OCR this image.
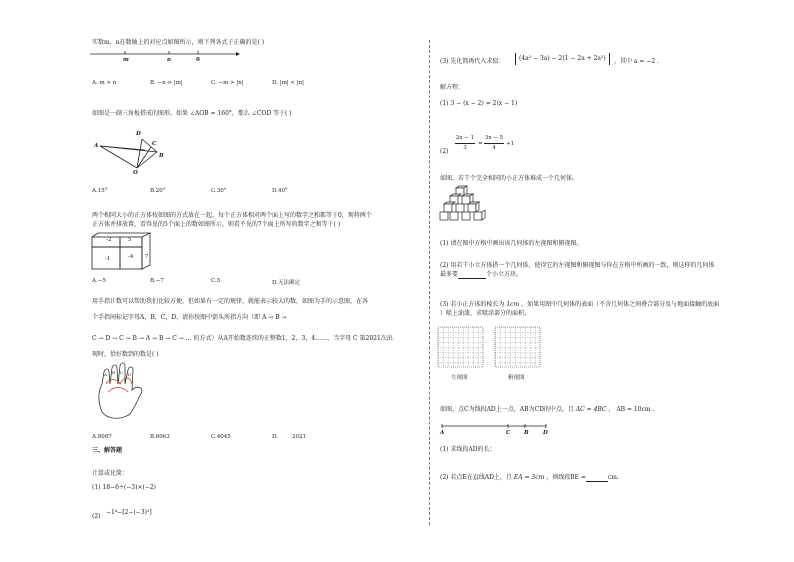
实数m，n在数轴上的对应点如图所示，则下列各式子正确的是( )
m	n	0
A. m > n	B. −n > |m|	C. −m > |n|	D. |m| < |n|
如图是一副三角板搭成的图形，如果 ∠AOB = 160°，那么 ∠COD 等于( )
A
D
C
B
O
A.15°	B.20°	C.30°	D.40°
两个相同大小的正方体按如图的方式放在一起，每个正方体相对两个面上写的数字之和都等于0，现将两个
正方体并排放置，看得见的5个面上的数如图所示，则看不见的7个面上所写的数字之和等于( )
-2	5
-1	-4 7
A.−5	B.−7	C.5	D.无法确定
用手指计数可以帮助我们比较方便，但如果有一定的规律，就能表示较大的数，如图为手的示意图，在各
个手指间标记字母A，B，C，D，请你按图中箭头所指方向（即 A → B →
C → D → C → B → A → B → C → … 的方式）从A开始数连续的正整数1，2，3，4……，当字母 C 第2021次出
现时，恰好数到的数是( )
A B C D
A.8087	B.6063	C.4045	D.	2021
三、解答题
计算或化简：
(1) 18−6÷(−3)×(−2)
(2)
−1⁴−[2−(−3)²]
(3) 先化简再代入求值：	(4a² − 3a) − 2(1 − 2a + 2a²)	，其中 a = −2 .
解方程：
(1) 3 − (x − 2) = 2(x − 1)
(2)
2x − 1
3
=
3x − 5
4
+1
如图，若干个完全相同的小正方体堆成一个几何体。
(1) 请在图中方格中画出该几何体的左视图和俯视图。
(2) 用若干小立方体搭一个几何体，使得它的左视图和俯视图与你在方格中所画的一致，则这样的几何体
最多要	个小立方块。
(3) 若小正方体的棱长为 1cm ，如果用图中几何体的表面（不含几何体之间叠合部分及与地面接触的底面
）喷上油漆，求喷涂部分的面积。
左视图	俯视图
如图，点C为线段AD上一点，AB为CD的中点，且 AC = 4BC ， AB = 10cm .
A	C B	D
(1) 求线段AD的长；
(2) 若点E在直线AD上，且 EA = 3cm ，则线段BE =	cm.
